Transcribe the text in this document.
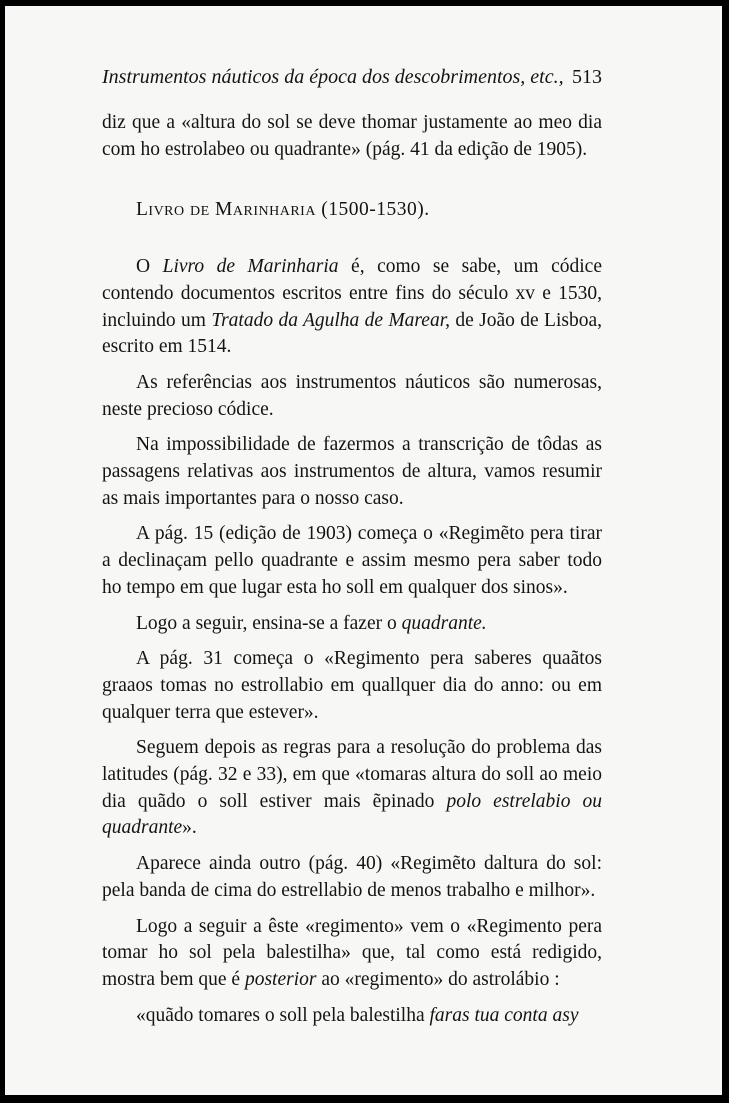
Instrumentos náuticos da época dos descobrimentos, etc., 513

diz que a «altura do sol se deve thomar justamente ao meo dia com ho estrolabeo ou quadrante» (pág. 41 da edição de 1905).

Livro de Marinharia (1500-1530).

O Livro de Marinharia é, como se sabe, um códice contendo documentos escritos entre fins do século xv e 1530, incluindo um Tratado da Agulha de Marear, de João de Lisboa, escrito em 1514.

As referências aos instrumentos náuticos são numerosas, neste precioso códice.

Na impossibilidade de fazermos a transcrição de tôdas as passagens relativas aos instrumentos de altura, vamos resumir as mais importantes para o nosso caso.

A pág. 15 (edição de 1903) começa o «Regimẽto pera tirar a declinaçam pello quadrante e assim mesmo pera saber todo ho tempo em que lugar esta ho soll em qualquer dos sinos».

Logo a seguir, ensina-se a fazer o quadrante.

A pág. 31 começa o «Regimento pera saberes quaãtos graaos tomas no estrollabio em quallquer dia do anno: ou em qualquer terra que estever».

Seguem depois as regras para a resolução do problema das latitudes (pág. 32 e 33), em que «tomaras altura do soll ao meio dia quãdo o soll estiver mais ẽpinado polo estrelabio ou quadrante».

Aparece ainda outro (pág. 40) «Regimẽto daltura do sol: pela banda de cima do estrellabio de menos trabalho e milhor».

Logo a seguir a êste «regimento» vem o «Regimento pera tomar ho sol pela balestilha» que, tal como está redigido, mostra bem que é posterior ao «regimento» do astrolábio :

«quãdo tomares o soll pela balestilha faras tua conta asy
